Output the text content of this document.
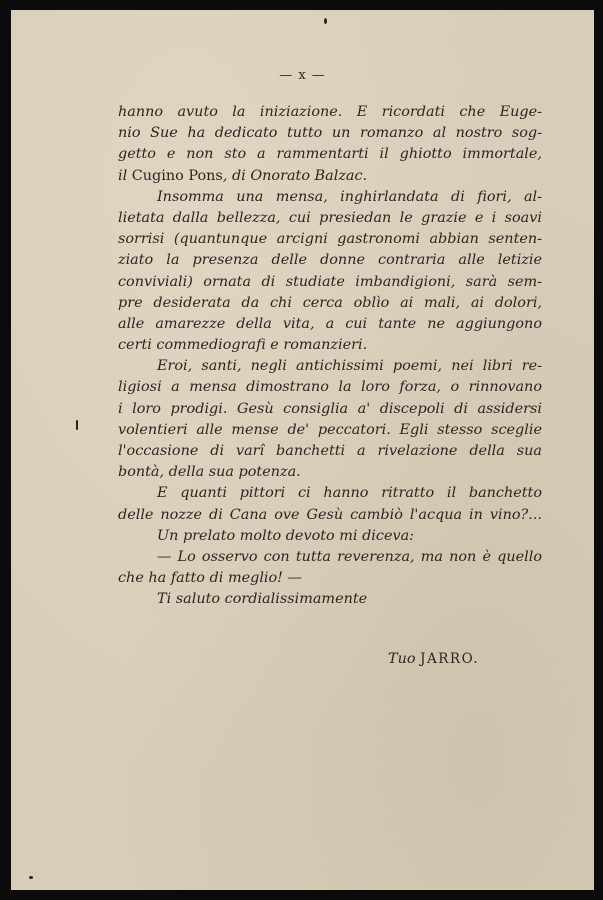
— x —
hanno avuto la iniziazione. E ricordati che Euge-
nio Sue ha dedicato tutto un romanzo al nostro sog-
getto e non sto a rammentarti il ghiotto immortale,
il Cugino Pons, di Onorato Balzac.
Insomma una mensa, inghirlandata di fiori, al-
lietata dalla bellezza, cui presiedan le grazie e i soavi
sorrisi (quantunque arcigni gastronomi abbian senten-
ziato la presenza delle donne contraria alle letizie
conviviali) ornata di studiate imbandigioni, sarà sem-
pre desiderata da chi cerca oblìo ai mali, ai dolori,
alle amarezze della vita, a cui tante ne aggiungono
certi commediografi e romanzieri.
Eroi, santi, negli antichissimi poemi, nei libri re-
ligiosi a mensa dimostrano la loro forza, o rinnovano
i loro prodigi. Gesù consiglia a' discepoli di assidersi
volentieri alle mense de' peccatori. Egli stesso sceglie
l'occasione di varî banchetti a rivelazione della sua
bontà, della sua potenza.
E quanti pittori ci hanno ritratto il banchetto
delle nozze di Cana ove Gesù cambiò l'acqua in vino?...
Un prelato molto devoto mi diceva:
— Lo osservo con tutta reverenza, ma non è quello
che ha fatto di meglio! —
Ti saluto cordialissimamente
Tuo JARRO.
